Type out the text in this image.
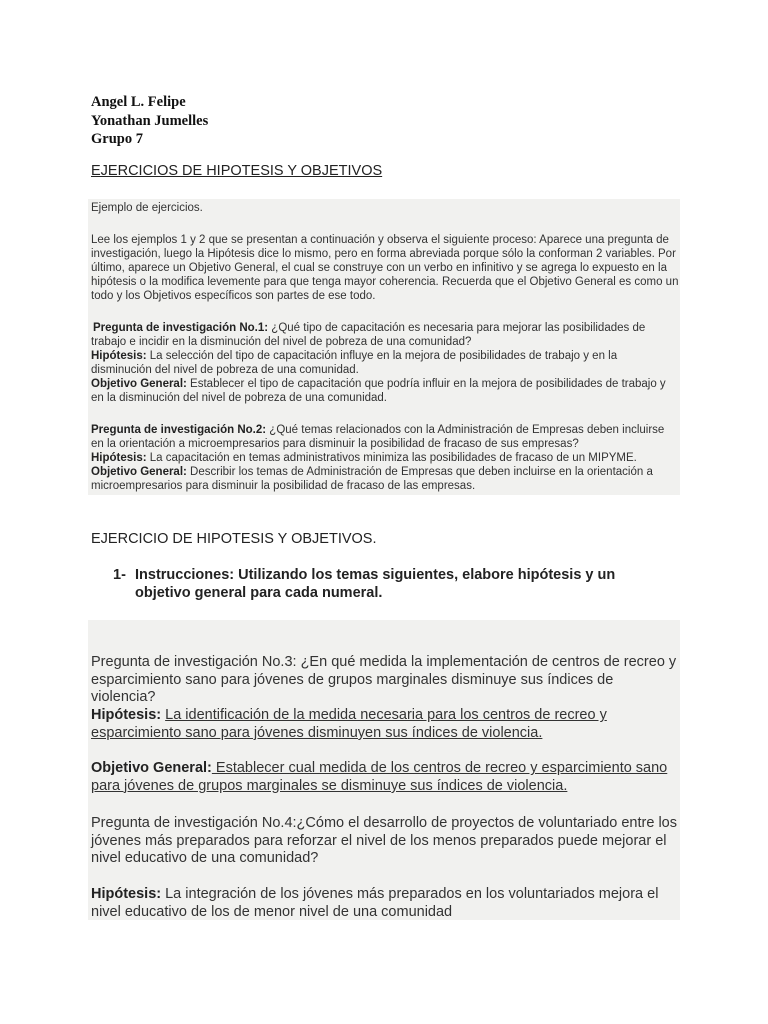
Angel L. Felipe
Yonathan Jumelles
Grupo 7
EJERCICIOS DE HIPOTESIS Y OBJETIVOS
Ejemplo de ejercicios.

Lee los ejemplos 1 y 2 que se presentan a continuación y observa el siguiente proceso: Aparece una pregunta de investigación, luego la Hipótesis dice lo mismo, pero en forma abreviada porque sólo la conforman 2 variables. Por último, aparece un Objetivo General, el cual se construye con un verbo en infinitivo y se agrega lo expuesto en la hipótesis o la modifica levemente para que tenga mayor coherencia. Recuerda que el Objetivo General es como un todo y los Objetivos específicos son partes de ese todo.

Pregunta de investigación No.1: ¿Qué tipo de capacitación es necesaria para mejorar las posibilidades de trabajo e incidir en la disminución del nivel de pobreza de una comunidad?

Hipótesis: La selección del tipo de capacitación influye en la mejora de posibilidades de trabajo y en la disminución del nivel de pobreza de una comunidad.

Objetivo General: Establecer el tipo de capacitación que podría influir en la mejora de posibilidades de trabajo y en la disminución del nivel de pobreza de una comunidad.

Pregunta de investigación No.2: ¿Qué temas relacionados con la Administración de Empresas deben incluirse en la orientación a microempresarios para disminuir la posibilidad de fracaso de sus empresas?

Hipótesis: La capacitación en temas administrativos minimiza las posibilidades de fracaso de un MIPYME.

Objetivo General: Describir los temas de Administración de Empresas que deben incluirse en la orientación a microempresarios para disminuir la posibilidad de fracaso de las empresas.

EJERCICIO DE HIPOTESIS Y OBJETIVOS.
1- Instrucciones: Utilizando los temas siguientes, elabore hipótesis y un objetivo general para cada numeral.

Pregunta de investigación No.3: ¿En qué medida la implementación de centros de recreo y esparcimiento sano para jóvenes de grupos marginales disminuye sus índices de violencia?

Hipótesis: La identificación de la medida necesaria para los centros de recreo y esparcimiento sano para jóvenes disminuyen sus índices de violencia.

Objetivo General: Establecer cual medida de los centros de recreo y esparcimiento sano para jóvenes de grupos marginales se disminuye sus índices de violencia.

Pregunta de investigación No.4:¿Cómo el desarrollo de proyectos de voluntariado entre los jóvenes más preparados para reforzar el nivel de los menos preparados puede mejorar el nivel educativo de una comunidad?

Hipótesis: La integración de los jóvenes más preparados en los voluntariados mejora el nivel educativo de los de menor nivel de una comunidad
